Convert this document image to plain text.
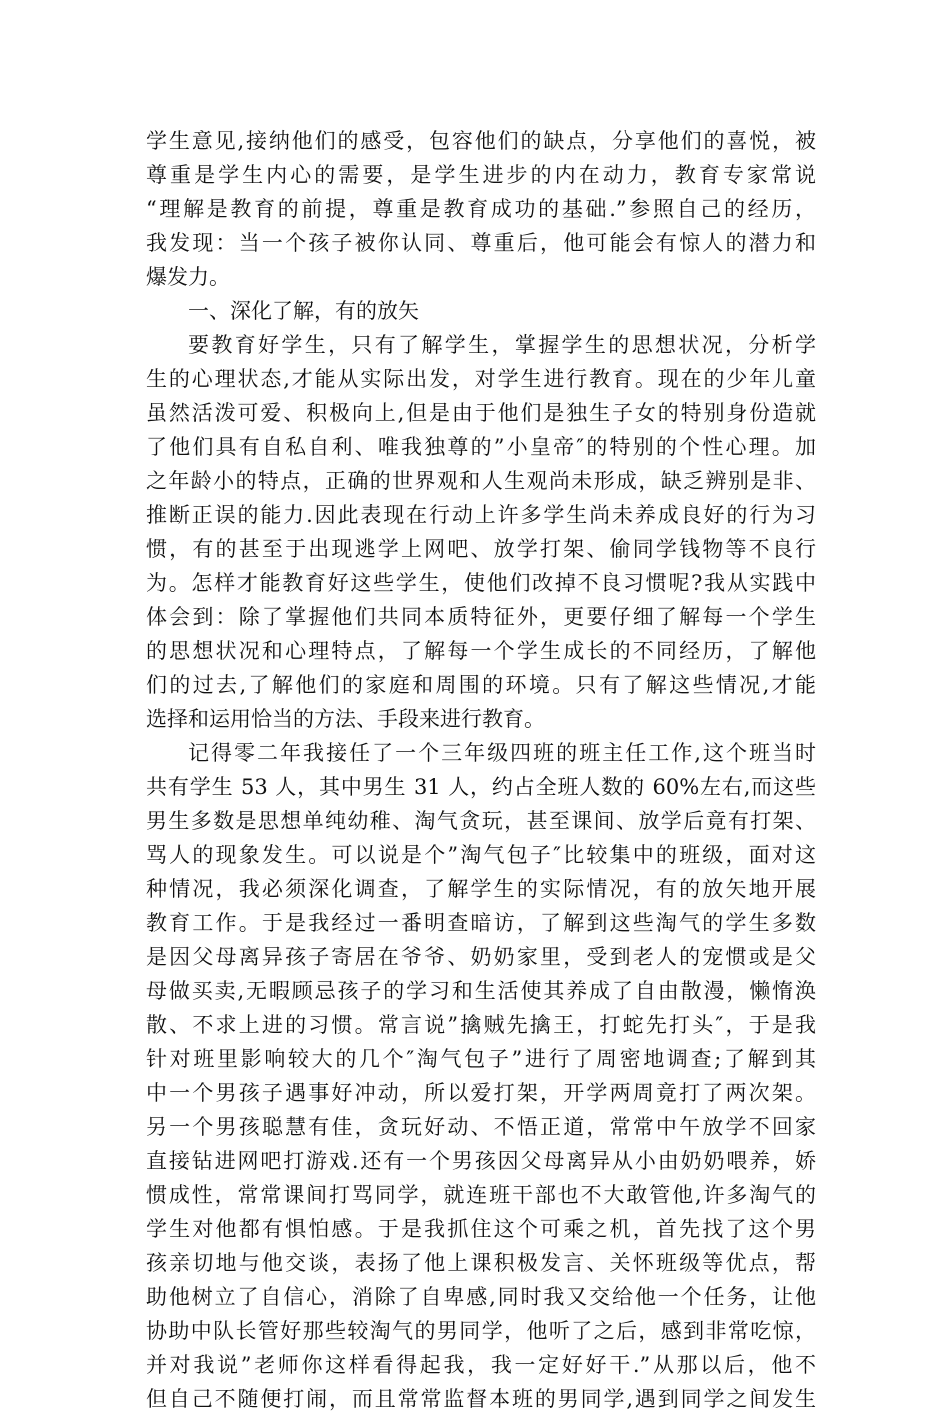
学生意见,接纳他们的感受，包容他们的缺点，分享他们的喜悦，被
尊重是学生内心的需要，是学生进步的内在动力，教育专家常说
“理解是教育的前提，尊重是教育成功的基础.”参照自己的经历，
我发现：当一个孩子被你认同、尊重后，他可能会有惊人的潜力和
爆发力。
一、深化了解，有的放矢
要教育好学生，只有了解学生，掌握学生的思想状况，分析学
生的心理状态,才能从实际出发，对学生进行教育。现在的少年儿童
虽然活泼可爱、积极向上,但是由于他们是独生子女的特别身份造就
了他们具有自私自利、唯我独尊的”小皇帝″的特别的个性心理。加
之年龄小的特点，正确的世界观和人生观尚未形成，缺乏辨别是非、
推断正误的能力.因此表现在行动上许多学生尚未养成良好的行为习
惯，有的甚至于出现逃学上网吧、放学打架、偷同学钱物等不良行
为。怎样才能教育好这些学生，使他们改掉不良习惯呢?我从实践中
体会到：除了掌握他们共同本质特征外，更要仔细了解每一个学生
的思想状况和心理特点，了解每一个学生成长的不同经历，了解他
们的过去,了解他们的家庭和周围的环境。只有了解这些情况,才能
选择和运用恰当的方法、手段来进行教育。
记得零二年我接任了一个三年级四班的班主任工作,这个班当时
共有学生 53 人，其中男生 31 人，约占全班人数的 60%左右,而这些
男生多数是思想单纯幼稚、淘气贪玩，甚至课间、放学后竟有打架、
骂人的现象发生。可以说是个”淘气包子″比较集中的班级，面对这
种情况，我必须深化调查，了解学生的实际情况，有的放矢地开展
教育工作。于是我经过一番明查暗访，了解到这些淘气的学生多数
是因父母离异孩子寄居在爷爷、奶奶家里，受到老人的宠惯或是父
母做买卖,无暇顾忌孩子的学习和生活使其养成了自由散漫，懒惰涣
散、不求上进的习惯。常言说”擒贼先擒王，打蛇先打头″，于是我
针对班里影响较大的几个″淘气包子”进行了周密地调查;了解到其
中一个男孩子遇事好冲动，所以爱打架，开学两周竟打了两次架。
另一个男孩聪慧有佳，贪玩好动、不悟正道，常常中午放学不回家
直接钻进网吧打游戏.还有一个男孩因父母离异从小由奶奶喂养，娇
惯成性，常常课间打骂同学，就连班干部也不大敢管他,许多淘气的
学生对他都有惧怕感。于是我抓住这个可乘之机，首先找了这个男
孩亲切地与他交谈，表扬了他上课积极发言、关怀班级等优点，帮
助他树立了自信心，消除了自卑感,同时我又交给他一个任务，让他
协助中队长管好那些较淘气的男同学，他听了之后，感到非常吃惊，
并对我说”老师你这样看得起我，我一定好好干.”从那以后，他不
但自己不随便打闹，而且常常监督本班的男同学,遇到同学之间发生
